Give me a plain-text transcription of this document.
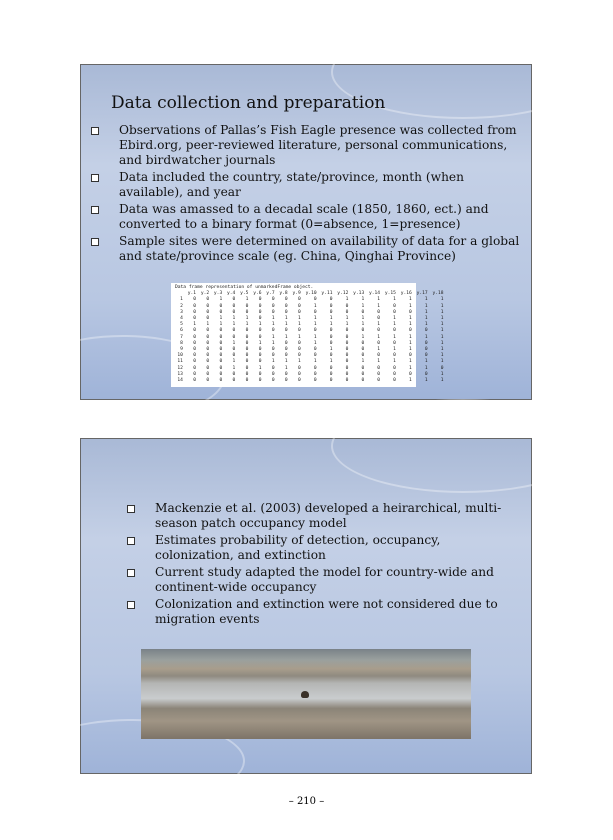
Data collection and preparation
Observations of Pallas’s Fish Eagle presence was collected from Ebird.org, peer-reviewed literature, personal communications, and birdwatcher journals
Data included the country, state/province, month (when available), and year
Data was amassed to a decadal scale (1850, 1860, ect.) and converted to a binary format (0=absence, 1=presence)
Sample sites were determined on availability of data for a global and state/province scale (eg. China, Qinghai Province)
Data frame representation of unmarkedFrame object.
	y.1	y.2	y.3	y.4	y.5	y.6	y.7	y.8	y.9	y.10	y.11	y.12	y.13	y.14	y.15	y.16	y.17	y.18
1	0	0	1	0	1	0	0	0	0	0	0	1	1	1	1	1	1	1
2	0	0	0	0	0	0	0	0	0	1	0	0	1	1	0	1	1	1
3	0	0	0	0	0	0	0	0	0	0	0	0	0	0	0	0	1	1
4	0	0	1	1	1	0	1	1	1	1	1	1	1	0	1	1	1	1
5	1	1	1	1	1	1	1	1	1	1	1	1	1	1	1	1	1	1
6	0	0	0	0	0	0	0	0	0	0	0	0	0	0	0	0	0	1
7	0	0	0	0	0	0	1	1	1	1	0	0	1	1	1	1	1	1
8	0	0	0	1	0	1	1	0	0	1	0	0	0	0	0	1	0	1
9	0	0	0	0	0	0	0	0	0	0	1	0	0	1	1	1	0	1
10	0	0	0	0	0	0	0	0	0	0	0	0	0	0	0	0	0	1
11	0	0	0	1	0	0	1	1	1	1	1	0	1	1	1	1	1	1
12	0	0	0	1	0	1	0	1	0	0	0	0	0	0	0	1	1	0
13	0	0	0	0	0	0	0	0	0	0	0	0	0	0	0	0	0	1
14	0	0	0	0	0	0	0	0	0	0	0	0	0	0	0	1	1	1
Mackenzie et al. (2003) developed a heirarchical, multi-season patch occupancy model
Estimates probability of detection, occupancy, colonization, and extinction
Current study adapted the model for country-wide and continent-wide occupancy
Colonization and extinction were not considered due to migration events
– 210 –
